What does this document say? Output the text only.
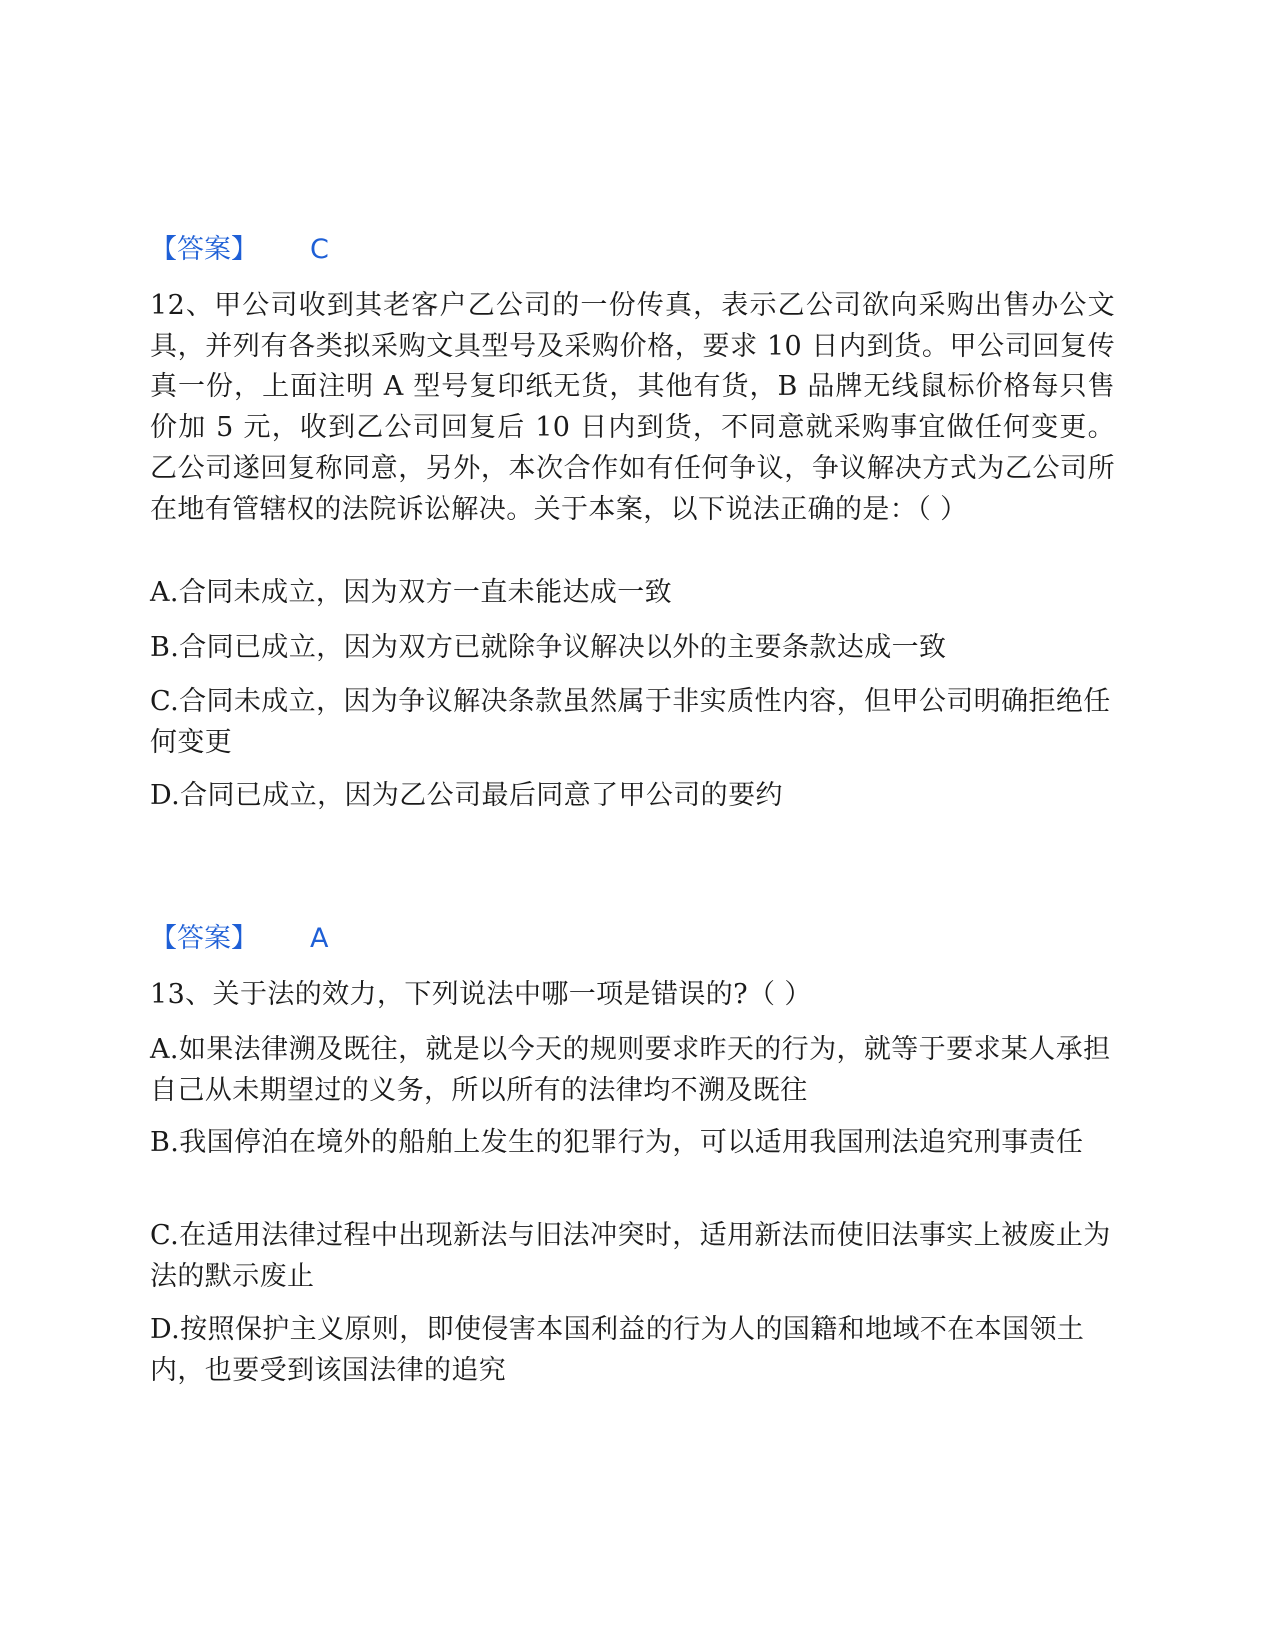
【答案】 C

12、甲公司收到其老客户乙公司的一份传真，表示乙公司欲向采购出售办公文具，并列有各类拟采购文具型号及采购价格，要求 10 日内到货。甲公司回复传真一份，上面注明 A 型号复印纸无货，其他有货，B 品牌无线鼠标价格每只售价加 5 元，收到乙公司回复后 10 日内到货，不同意就采购事宜做任何变更。乙公司遂回复称同意，另外，本次合作如有任何争议，争议解决方式为乙公司所在地有管辖权的法院诉讼解决。关于本案，以下说法正确的是：（ ）

A.合同未成立，因为双方一直未能达成一致

B.合同已成立，因为双方已就除争议解决以外的主要条款达成一致

C.合同未成立，因为争议解决条款虽然属于非实质性内容，但甲公司明确拒绝任何变更

D.合同已成立，因为乙公司最后同意了甲公司的要约

【答案】 A

13、关于法的效力，下列说法中哪一项是错误的?（ ）

A.如果法律溯及既往，就是以今天的规则要求昨天的行为，就等于要求某人承担自己从未期望过的义务，所以所有的法律均不溯及既往

B.我国停泊在境外的船舶上发生的犯罪行为，可以适用我国刑法追究刑事责任

C.在适用法律过程中出现新法与旧法冲突时，适用新法而使旧法事实上被废止为法的默示废止

D.按照保护主义原则，即使侵害本国利益的行为人的国籍和地域不在本国领土内，也要受到该国法律的追究
